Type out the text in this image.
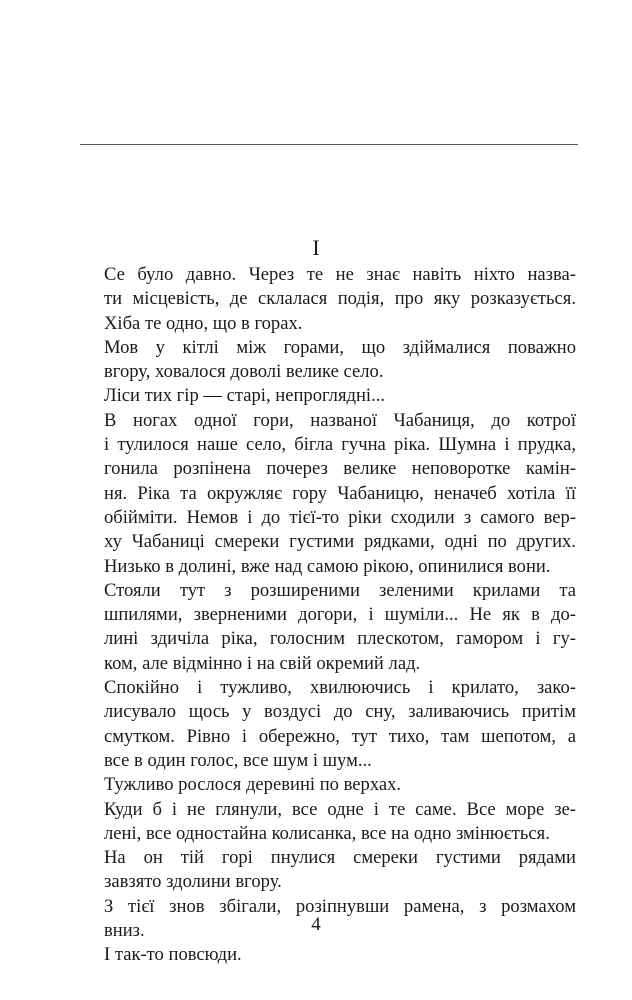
I

Се було давно. Через те не знає навіть ніхто назва-
ти місцевість, де склалася подія, про яку розказується.
Хіба те одно, що в горах.

Мов у кітлі між горами, що здіймалися поважно
вгору, ховалося доволі велике село.

Ліси тих гір — старі, непроглядні...

В ногах одної гори, названої Чабаниця, до котрої
і тулилося наше село, бігла гучна ріка. Шумна і прудка,
гонила розпінена почерез велике неповоротке камін-
ня. Ріка та окружляє гору Чабаницю, неначеб хотіла її
обійміти. Немов і до тієї-то ріки сходили з самого вер-
ху Чабаниці смереки густими рядками, одні по других.
Низько в долині, вже над самою рікою, опинилися вони.

Стояли тут з розширеними зеленими крилами та
шпилями, зверненими догори, і шуміли... Не як в до-
лині здичіла ріка, голосним плескотом, гамором і гу-
ком, але відмінно і на свій окремий лад.

Спокійно і тужливо, хвилюючись і крилато, зако-
лисувало щось у воздусі до сну, заливаючись притім
смутком. Рівно і обережно, тут тихо, там шепотом, а
все в один голос, все шум і шум...

Тужливо рослося деревині по верхах.

Куди б і не глянули, все одне і те саме. Все море зе-
лені, все одностайна колисанка, все на одно змінюється.

На он тій горі пнулися смереки густими рядами
завзято здолини вгору.

З тієї знов збігали, розіпнувши рамена, з розмахом
вниз.

І так-то повсюди.

4
